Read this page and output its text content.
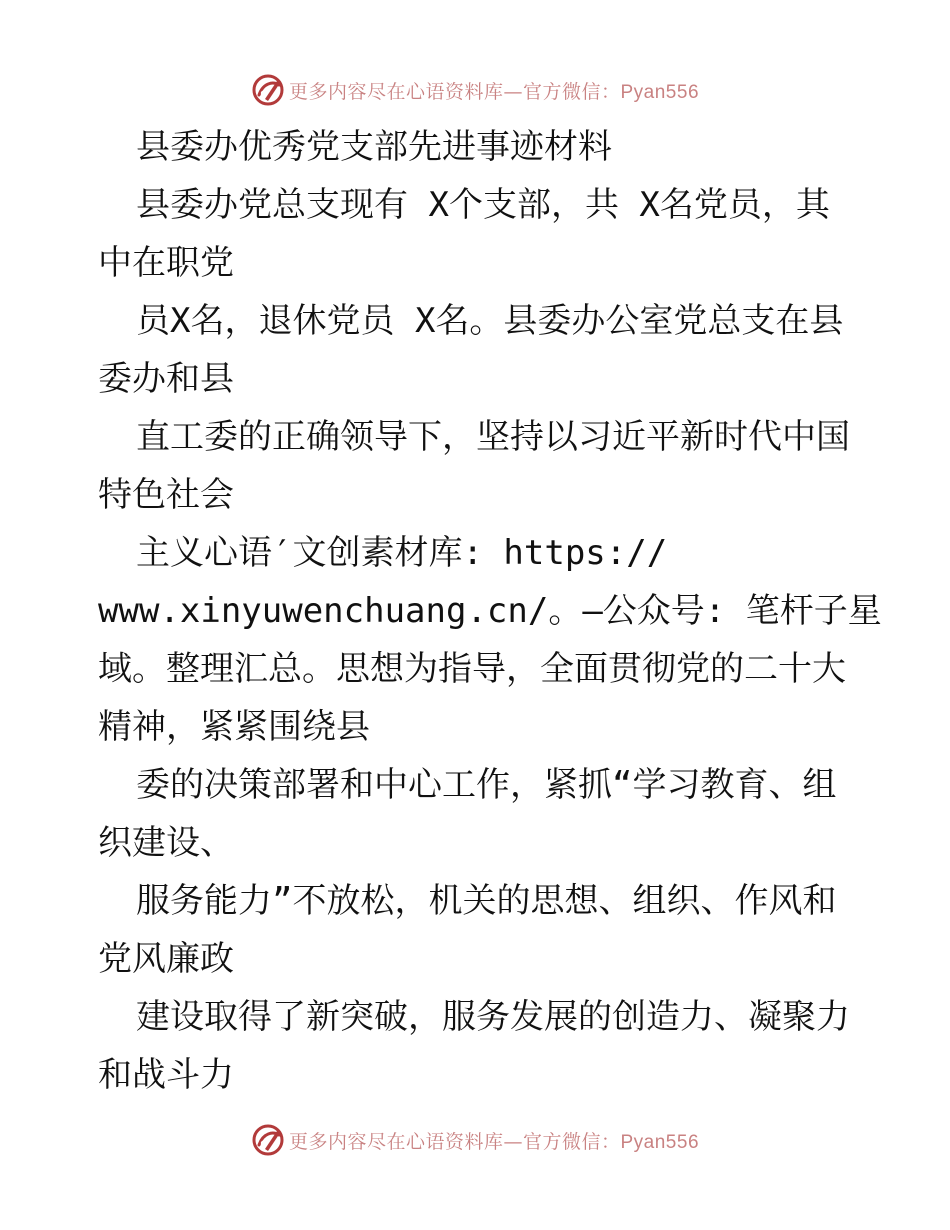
更多内容尽在心语资料库—官方微信：Pyan556
县委办优秀党支部先进事迹材料
县委办党总支现有 X个支部，共 X名党员，其
中在职党
员X名，退休党员 X名。县委办公室党总支在县
委办和县
直工委的正确领导下，坚持以习近平新时代中国
特色社会
主义心语′文创素材库: https://
www.xinyuwenchuang.cn/。—公众号: 笔杆子星
域。整理汇总。思想为指导，全面贯彻党的二十大
精神，紧紧围绕县
委的决策部署和中心工作，紧抓“学习教育、组
织建设、
服务能力”不放松，机关的思想、组织、作风和
党风廉政
建设取得了新突破，服务发展的创造力、凝聚力
和战斗力
更多内容尽在心语资料库—官方微信：Pyan556
